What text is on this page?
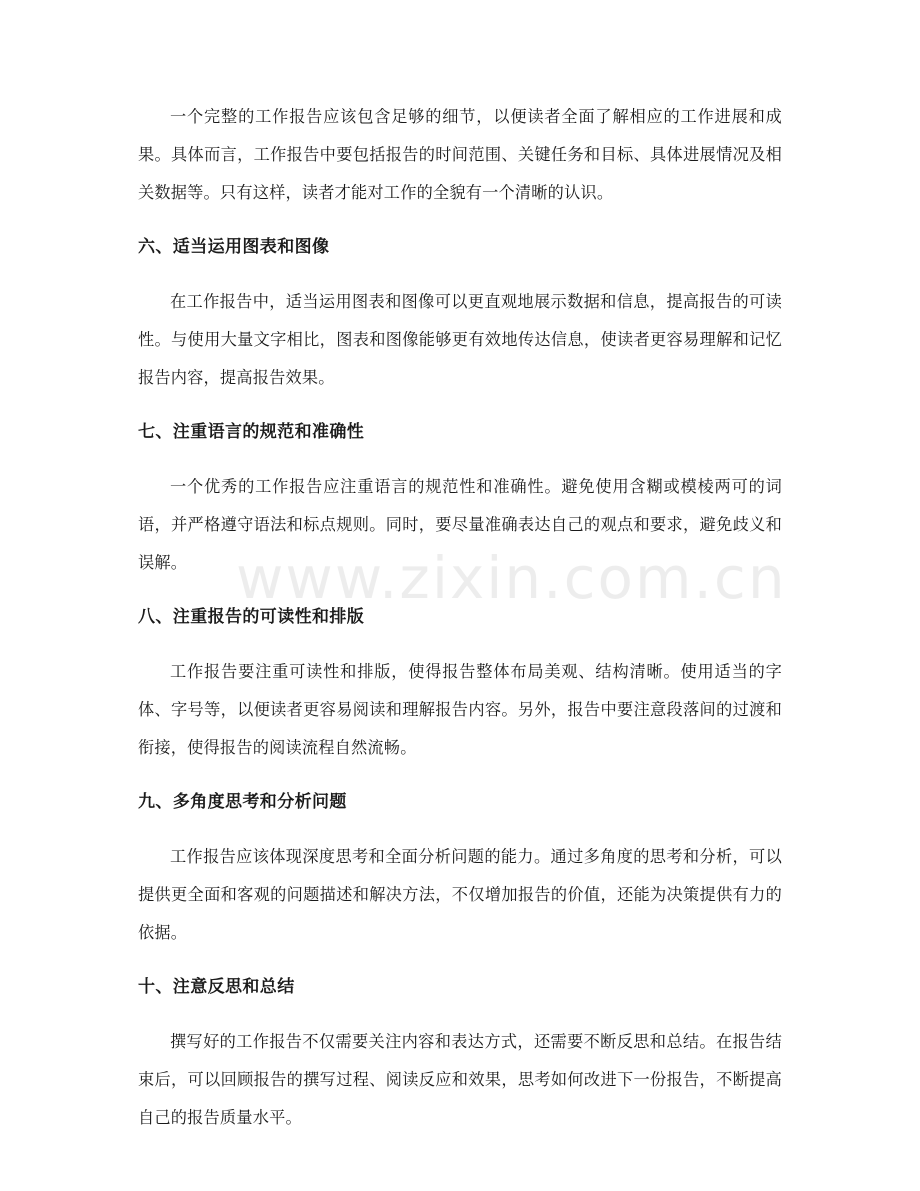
一个完整的工作报告应该包含足够的细节，以便读者全面了解相应的工作进展和成果。具体而言，工作报告中要包括报告的时间范围、关键任务和目标、具体进展情况及相关数据等。只有这样，读者才能对工作的全貌有一个清晰的认识。

六、适当运用图表和图像

在工作报告中，适当运用图表和图像可以更直观地展示数据和信息，提高报告的可读性。与使用大量文字相比，图表和图像能够更有效地传达信息，使读者更容易理解和记忆报告内容，提高报告效果。

七、注重语言的规范和准确性

一个优秀的工作报告应注重语言的规范性和准确性。避免使用含糊或模棱两可的词语，并严格遵守语法和标点规则。同时，要尽量准确表达自己的观点和要求，避免歧义和误解。

八、注重报告的可读性和排版

工作报告要注重可读性和排版，使得报告整体布局美观、结构清晰。使用适当的字体、字号等，以便读者更容易阅读和理解报告内容。另外，报告中要注意段落间的过渡和衔接，使得报告的阅读流程自然流畅。

九、多角度思考和分析问题

工作报告应该体现深度思考和全面分析问题的能力。通过多角度的思考和分析，可以提供更全面和客观的问题描述和解决方法，不仅增加报告的价值，还能为决策提供有力的依据。

十、注意反思和总结

撰写好的工作报告不仅需要关注内容和表达方式，还需要不断反思和总结。在报告结束后，可以回顾报告的撰写过程、阅读反应和效果，思考如何改进下一份报告，不断提高自己的报告质量水平。

www.zixin.com.cn
